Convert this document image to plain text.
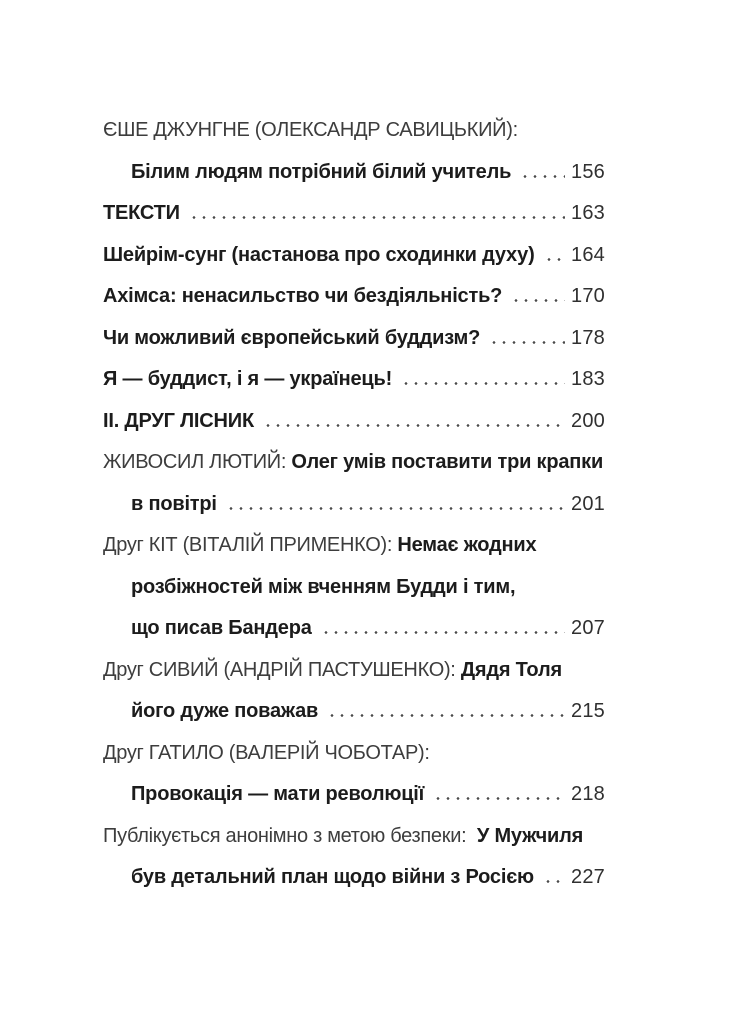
ЄШЕ ДЖУНГНЕ (ОЛЕКСАНДР САВИЦЬКИЙ):
Білим людям потрібний білий учитель	156
ТЕКСТИ	163
Шейрім-сунг (настанова про сходинки духу) 164
Ахімса: ненасильство чи бездіяльність?	170
Чи можливий європейський буддизм?	178
Я — буддист, і я — українець!	183
ІІ. ДРУГ ЛІСНИК	200
ЖИВОСИЛ ЛЮТИЙ: Олег умів поставити три крапки
в повітрі	201
Друг КІТ (ВІТАЛІЙ ПРИМЕНКО): Немає жодних
розбіжностей між вченням Будди і тим,
що писав Бандера	207
Друг СИВИЙ (АНДРІЙ ПАСТУШЕНКО): Дядя Толя
його дуже поважав	215
Друг ГАТИЛО (ВАЛЕРІЙ ЧОБОТАР):
Провокація — мати революції	218
Публікується анонімно з метою безпеки:  У Мужчиля
був детальний план щодо війни з Росією 227
